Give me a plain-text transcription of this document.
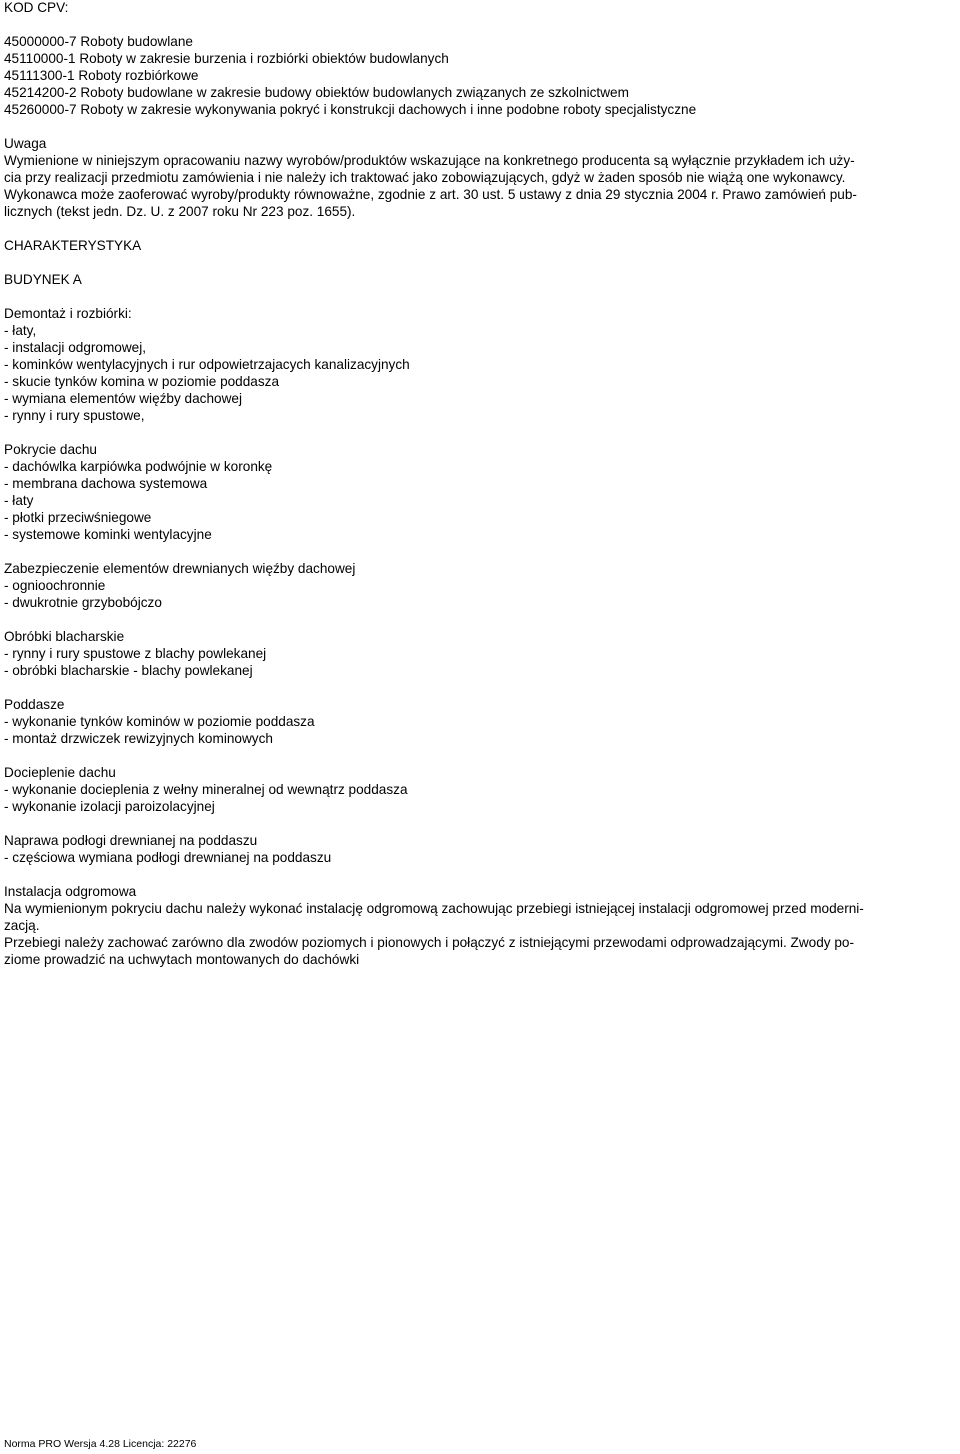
KOD CPV:
45000000-7 Roboty budowlane
45110000-1 Roboty w zakresie burzenia i rozbiórki obiektów budowlanych
45111300-1 Roboty rozbiórkowe
45214200-2 Roboty budowlane w zakresie budowy obiektów budowlanych związanych ze szkolnictwem
45260000-7 Roboty w zakresie wykonywania pokryć i konstrukcji dachowych i inne podobne roboty specjalistyczne
Uwaga
Wymienione w niniejszym opracowaniu nazwy wyrobów/produktów wskazujące na konkretnego producenta są wyłącznie przykładem ich uży-
cia przy realizacji przedmiotu zamówienia i nie należy ich traktować jako zobowiązujących, gdyż w żaden sposób nie wiążą one wykonawcy.
Wykonawca może zaoferować wyroby/produkty równoważne, zgodnie z art. 30 ust. 5 ustawy z dnia 29 stycznia 2004 r. Prawo zamówień pub-
licznych (tekst jedn. Dz. U. z 2007 roku Nr 223 poz. 1655).
CHARAKTERYSTYKA
BUDYNEK A
Demontaż i rozbiórki:
- łaty,
- instalacji odgromowej,
- kominków wentylacyjnych i rur odpowietrzajacych kanalizacyjnych
- skucie tynków komina w poziomie poddasza
- wymiana elementów więźby dachowej
- rynny i rury spustowe,
Pokrycie dachu
- dachówlka karpiówka podwójnie w koronkę
- membrana dachowa systemowa
- łaty
- płotki przeciwśniegowe
- systemowe kominki wentylacyjne
Zabezpieczenie elementów drewnianych więźby dachowej
- ognioochronnie
- dwukrotnie grzybobójczo
Obróbki blacharskie
- rynny i rury spustowe z blachy powlekanej
- obróbki blacharskie - blachy powlekanej
Poddasze
- wykonanie tynków kominów w poziomie poddasza
- montaż drzwiczek rewizyjnych kominowych
Docieplenie dachu
- wykonanie docieplenia z wełny mineralnej od wewnątrz poddasza
- wykonanie izolacji paroizolacyjnej
Naprawa podłogi drewnianej na poddaszu
- częściowa wymiana podłogi drewnianej na poddaszu
Instalacja odgromowa
Na wymienionym pokryciu dachu należy wykonać instalację odgromową zachowując przebiegi istniejącej instalacji odgromowej przed moderni-
zacją.
Przebiegi należy zachować zarówno dla zwodów poziomych i pionowych i połączyć z istniejącymi przewodami odprowadzającymi. Zwody po-
ziome prowadzić na uchwytach montowanych do dachówki
Norma PRO Wersja 4.28 Licencja: 22276
